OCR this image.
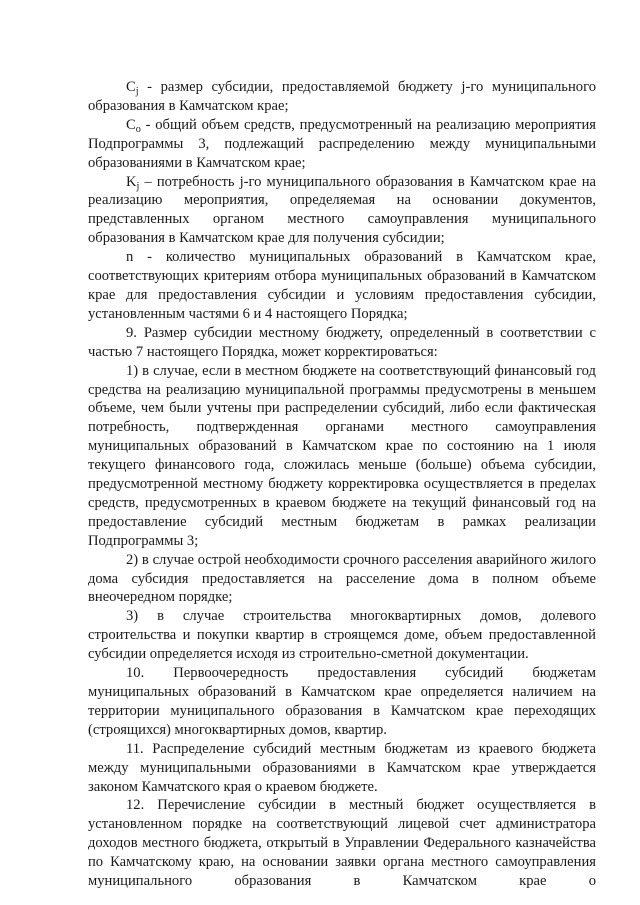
$C_j$ - размер субсидии, предоставляемой бюджету j-го муниципального образования в Камчатском крае;

$C_o$ - общий объем средств, предусмотренный на реализацию мероприятия Подпрограммы 3, подлежащий распределению между муниципальными образованиями в Камчатском крае;

$K_j$ – потребность j-го муниципального образования в Камчатском крае на реализацию мероприятия, определяемая на основании документов, представленных органом местного самоуправления муниципального образования в Камчатском крае для получения субсидии;

n - количество муниципальных образований в Камчатском крае, соответствующих критериям отбора муниципальных образований в Камчатском крае для предоставления субсидии и условиям предоставления субсидии, установленным частями 6 и 4 настоящего Порядка;

9. Размер субсидии местному бюджету, определенный в соответствии с частью 7 настоящего Порядка, может корректироваться:

1) в случае, если в местном бюджете на соответствующий финансовый год средства на реализацию муниципальной программы предусмотрены в меньшем объеме, чем были учтены при распределении субсидий, либо если фактическая потребность, подтвержденная органами местного самоуправления муниципальных образований в Камчатском крае по состоянию на 1 июля текущего финансового года, сложилась меньше (больше) объема субсидии, предусмотренной местному бюджету корректировка осуществляется в пределах средств, предусмотренных в краевом бюджете на текущий финансовый год на предоставление субсидий местным бюджетам в рамках реализации Подпрограммы 3;

2) в случае острой необходимости срочного расселения аварийного жилого дома субсидия предоставляется на расселение дома в полном объеме внеочередном порядке;

3) в случае строительства многоквартирных домов, долевого строительства и покупки квартир в строящемся доме, объем предоставленной субсидии определяется исходя из строительно-сметной документации.

10. Первоочередность предоставления субсидий бюджетам муниципальных образований в Камчатском крае определяется наличием на территории муниципального образования в Камчатском крае переходящих (строящихся) многоквартирных домов, квартир.

11. Распределение субсидий местным бюджетам из краевого бюджета между муниципальными образованиями в Камчатском крае утверждается законом Камчатского края о краевом бюджете.

12. Перечисление субсидии в местный бюджет осуществляется в установленном порядке на соответствующий лицевой счет администратора доходов местного бюджета, открытый в Управлении Федерального казначейства по Камчатскому краю, на основании заявки органа местного самоуправления муниципального образования в Камчатском крае о
